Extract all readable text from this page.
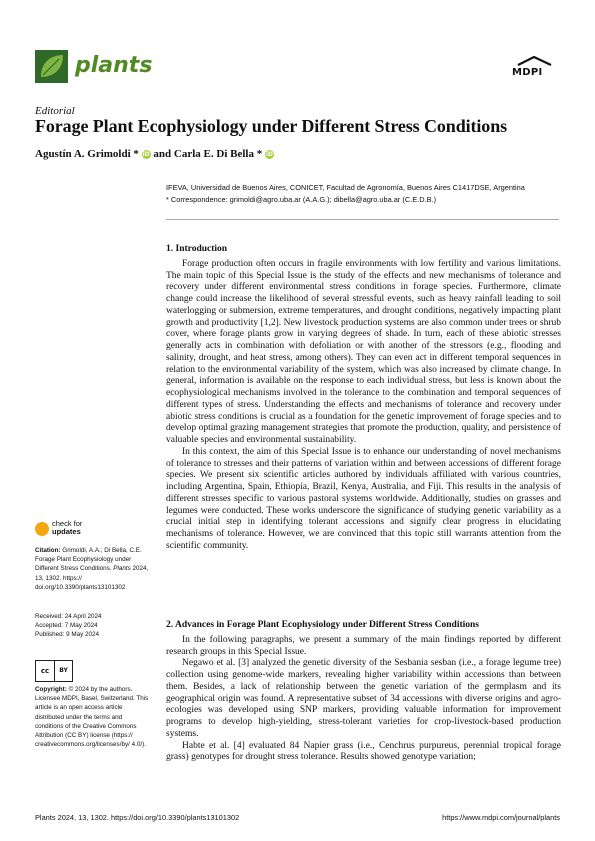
plants	MDPI
Editorial
Forage Plant Ecophysiology under Different Stress Conditions
Agustín A. Grimoldi * iD and Carla E. Di Bella * iD
IFEVA, Universidad de Buenos Aires, CONICET, Facultad de Agronomía, Buenos Aires C1417DSE, Argentina
* Correspondence: grimoldi@agro.uba.ar (A.A.G.); dibella@agro.uba.ar (C.E.D.B.)
1. Introduction

Forage production often occurs in fragile environments with low fertility and various limitations. The main topic of this Special Issue is the study of the effects and new mechanisms of tolerance and recovery under different environmental stress conditions in forage species. Furthermore, climate change could increase the likelihood of several stressful events, such as heavy rainfall leading to soil waterlogging or submersion, extreme temperatures, and drought conditions, negatively impacting plant growth and productivity [1,2]. New livestock production systems are also common under trees or shrub cover, where forage plants grow in varying degrees of shade. In turn, each of these abiotic stresses generally acts in combination with defoliation or with another of the stressors (e.g., flooding and salinity, drought, and heat stress, among others). They can even act in different temporal sequences in relation to the environmental variability of the system, which was also increased by climate change. In general, information is available on the response to each individual stress, but less is known about the ecophysiological mechanisms involved in the tolerance to the combination and temporal sequences of different types of stress. Understanding the effects and mechanisms of tolerance and recovery under abiotic stress conditions is crucial as a foundation for the genetic improvement of forage species and to develop optimal grazing management strategies that promote the production, quality, and persistence of valuable species and environmental sustainability.

In this context, the aim of this Special Issue is to enhance our understanding of novel mechanisms of tolerance to stresses and their patterns of variation within and between accessions of different forage species. We present six scientific articles authored by individuals affiliated with various countries, including Argentina, Spain, Ethiopia, Brazil, Kenya, Australia, and Fiji. This results in the analysis of different stresses specific to various pastoral systems worldwide. Additionally, studies on grasses and legumes were conducted. These works underscore the significance of studying genetic variability as a crucial initial step in identifying tolerant accessions and signify clear progress in elucidating mechanisms of tolerance. However, we are convinced that this topic still warrants attention from the scientific community.

2. Advances in Forage Plant Ecophysiology under Different Stress Conditions

In the following paragraphs, we present a summary of the main findings reported by different research groups in this Special Issue.

Negawo et al. [3] analyzed the genetic diversity of the Sesbania sesban (i.e., a forage legume tree) collection using genome-wide markers, revealing higher variability within accessions than between them. Besides, a lack of relationship between the genetic variation of the germplasm and its geographical origin was found. A representative subset of 34 accessions with diverse origins and agro-ecologies was developed using SNP markers, providing valuable information for improvement programs to develop high-yielding, stress-tolerant varieties for crop-livestock-based production systems.

Habte et al. [4] evaluated 84 Napier grass (i.e., Cenchrus purpureus, perennial tropical forage grass) genotypes for drought stress tolerance. Results showed genotype variation;

check for
updates
Citation: Grimoldi, A.A.; Di Bella, C.E. Forage Plant Ecophysiology under Different Stress Conditions. Plants 2024, 13, 1302. https:// doi.org/10.3390/plants13101302
Received: 24 April 2024
Accepted: 7 May 2024
Published: 9 May 2024
cc	BY
Copyright: © 2024 by the authors. Licensee MDPI, Basel, Switzerland. This article is an open access article distributed under the terms and conditions of the Creative Commons Attribution (CC BY) license (https:// creativecommons.org/licenses/by/ 4.0/).
Plants 2024, 13, 1302. https://doi.org/10.3390/plants13101302	https://www.mdpi.com/journal/plants
